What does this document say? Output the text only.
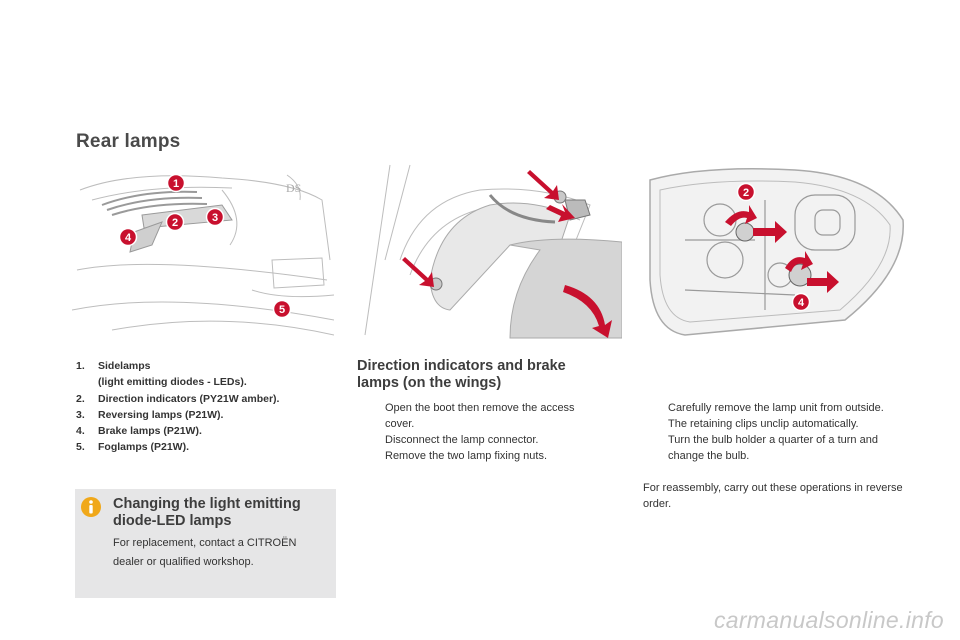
Rear lamps
DS
1
2	3
4
5
2
4
1.	Sidelamps
(light emitting diodes - LEDs).
2.	Direction indicators (PY21W amber).
3.	Reversing lamps (P21W).
4.	Brake lamps (P21W).
5.	Foglamps (P21W).
Changing the light emitting diode-LED lamps
For replacement, contact a CITROËN dealer or qualified workshop.
Direction indicators and brake lamps (on the wings)
Open the boot then remove the access cover.
Disconnect the lamp connector.
Remove the two lamp fixing nuts.
Carefully remove the lamp unit from outside. The retaining clips unclip automatically.
Turn the bulb holder a quarter of a turn and change the bulb.
For reassembly, carry out these operations in reverse order.
carmanualsonline.info
